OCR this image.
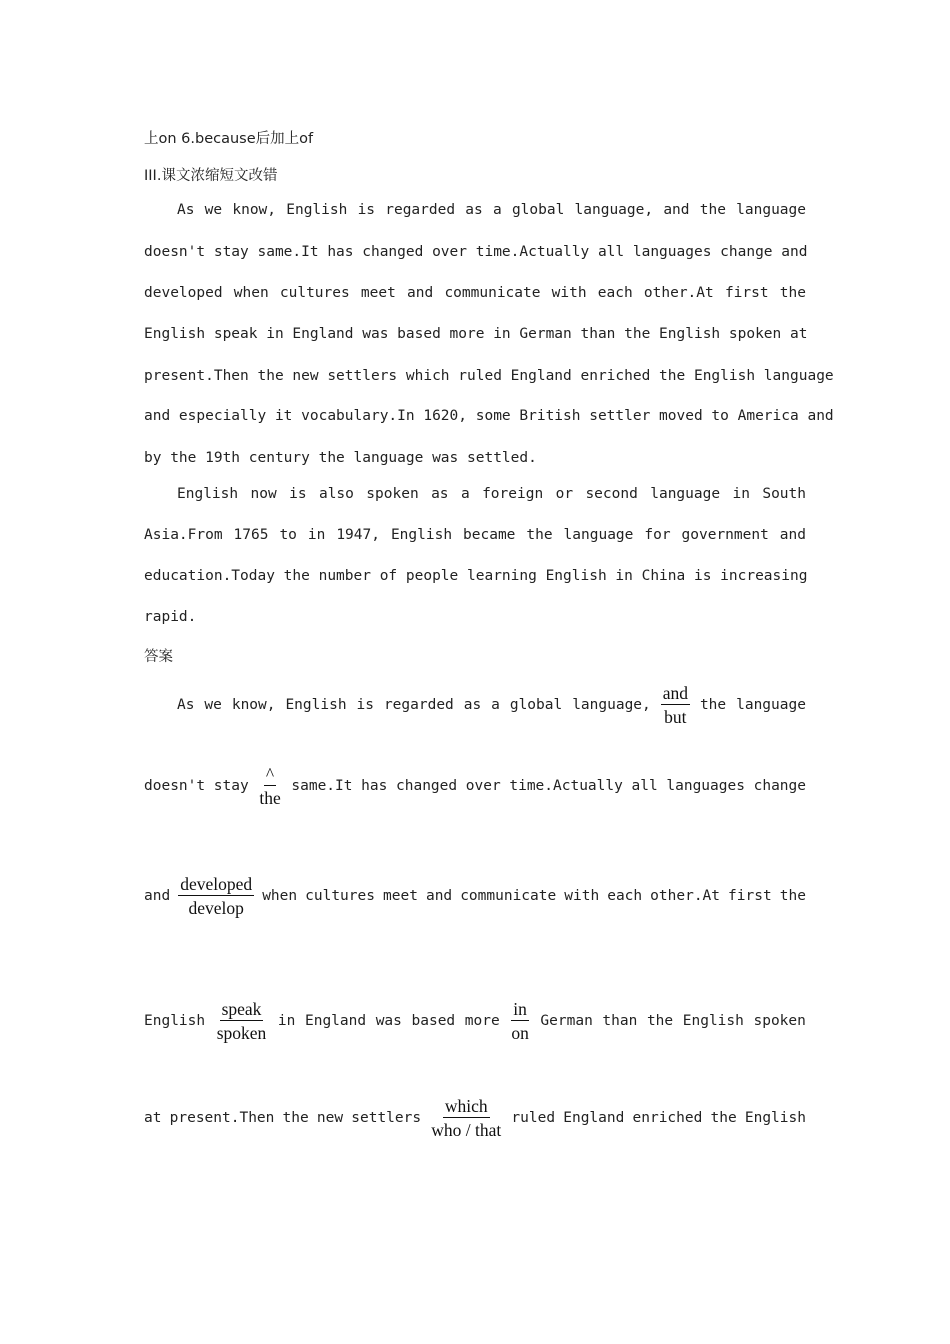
上on 6.because后加上of
III.课文浓缩短文改错
As we know, English is regarded as a global language, and the language
doesn't stay same.It has changed over time.Actually all languages change and
developed when cultures meet and communicate with each other.At first the
English speak in England was based more in German than the English spoken at
present.Then the new settlers which ruled England enriched the English language
and especially it vocabulary.In 1620, some British settler moved to America and
by the 19th century the language was settled.
English now is also spoken as a foreign or second language in South
Asia.From 1765 to in 1947, English became the language for government and
education.Today the number of people learning English in China is increasing
rapid.
答案
As we know, English is regarded as a global language, $\frac{\text{and}}{\text{but}}$ the language
doesn't stay $\frac{\^{}}{\text{the}}$ same.It has changed over time.Actually all languages change
and $\frac{\text{developed}}{\text{develop}}$ when cultures meet and communicate with each other.At first the
English $\frac{\text{speak}}{\text{spoken}}$ in England was based more $\frac{in}{on}$ German than the English spoken
at present.Then the new settlers $\frac{\text{which}}{\text{who / that}}$ ruled England enriched the English
